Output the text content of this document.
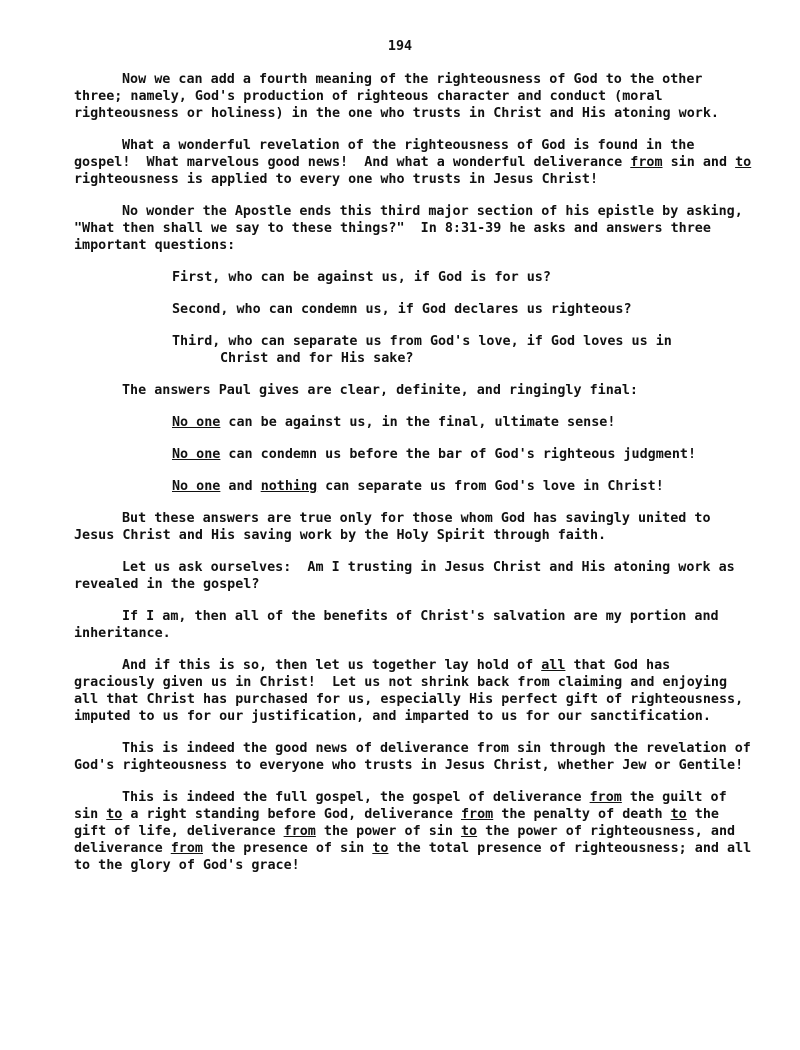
194

Now we can add a fourth meaning of the righteousness of God to the other three; namely, God's production of righteous character and conduct (moral righteousness or holiness) in the one who trusts in Christ and His atoning work.

What a wonderful revelation of the righteousness of God is found in the gospel!  What marvelous good news!  And what a wonderful deliverance from sin and to righteousness is applied to every one who trusts in Jesus Christ!

No wonder the Apostle ends this third major section of his epistle by asking, "What then shall we say to these things?"  In 8:31-39 he asks and answers three important questions:

First, who can be against us, if God is for us?
Second, who can condemn us, if God declares us righteous?
Third, who can separate us from God's love, if God loves us in
Christ and for His sake?

The answers Paul gives are clear, definite, and ringingly final:

No one can be against us, in the final, ultimate sense!
No one can condemn us before the bar of God's righteous judgment!
No one and nothing can separate us from God's love in Christ!

But these answers are true only for those whom God has savingly united to Jesus Christ and His saving work by the Holy Spirit through faith.

Let us ask ourselves:  Am I trusting in Jesus Christ and His atoning work as revealed in the gospel?

If I am, then all of the benefits of Christ's salvation are my portion and inheritance.

And if this is so, then let us together lay hold of all that God has graciously given us in Christ!  Let us not shrink back from claiming and enjoying all that Christ has purchased for us, especially His perfect gift of righteousness, imputed to us for our justification, and imparted to us for our sanctification.

This is indeed the good news of deliverance from sin through the revelation of God's righteousness to everyone who trusts in Jesus Christ, whether Jew or Gentile!

This is indeed the full gospel, the gospel of deliverance from the guilt of sin to a right standing before God, deliverance from the penalty of death to the gift of life, deliverance from the power of sin to the power of righteousness, and deliverance from the presence of sin to the total presence of righteousness; and all to the glory of God's grace!
